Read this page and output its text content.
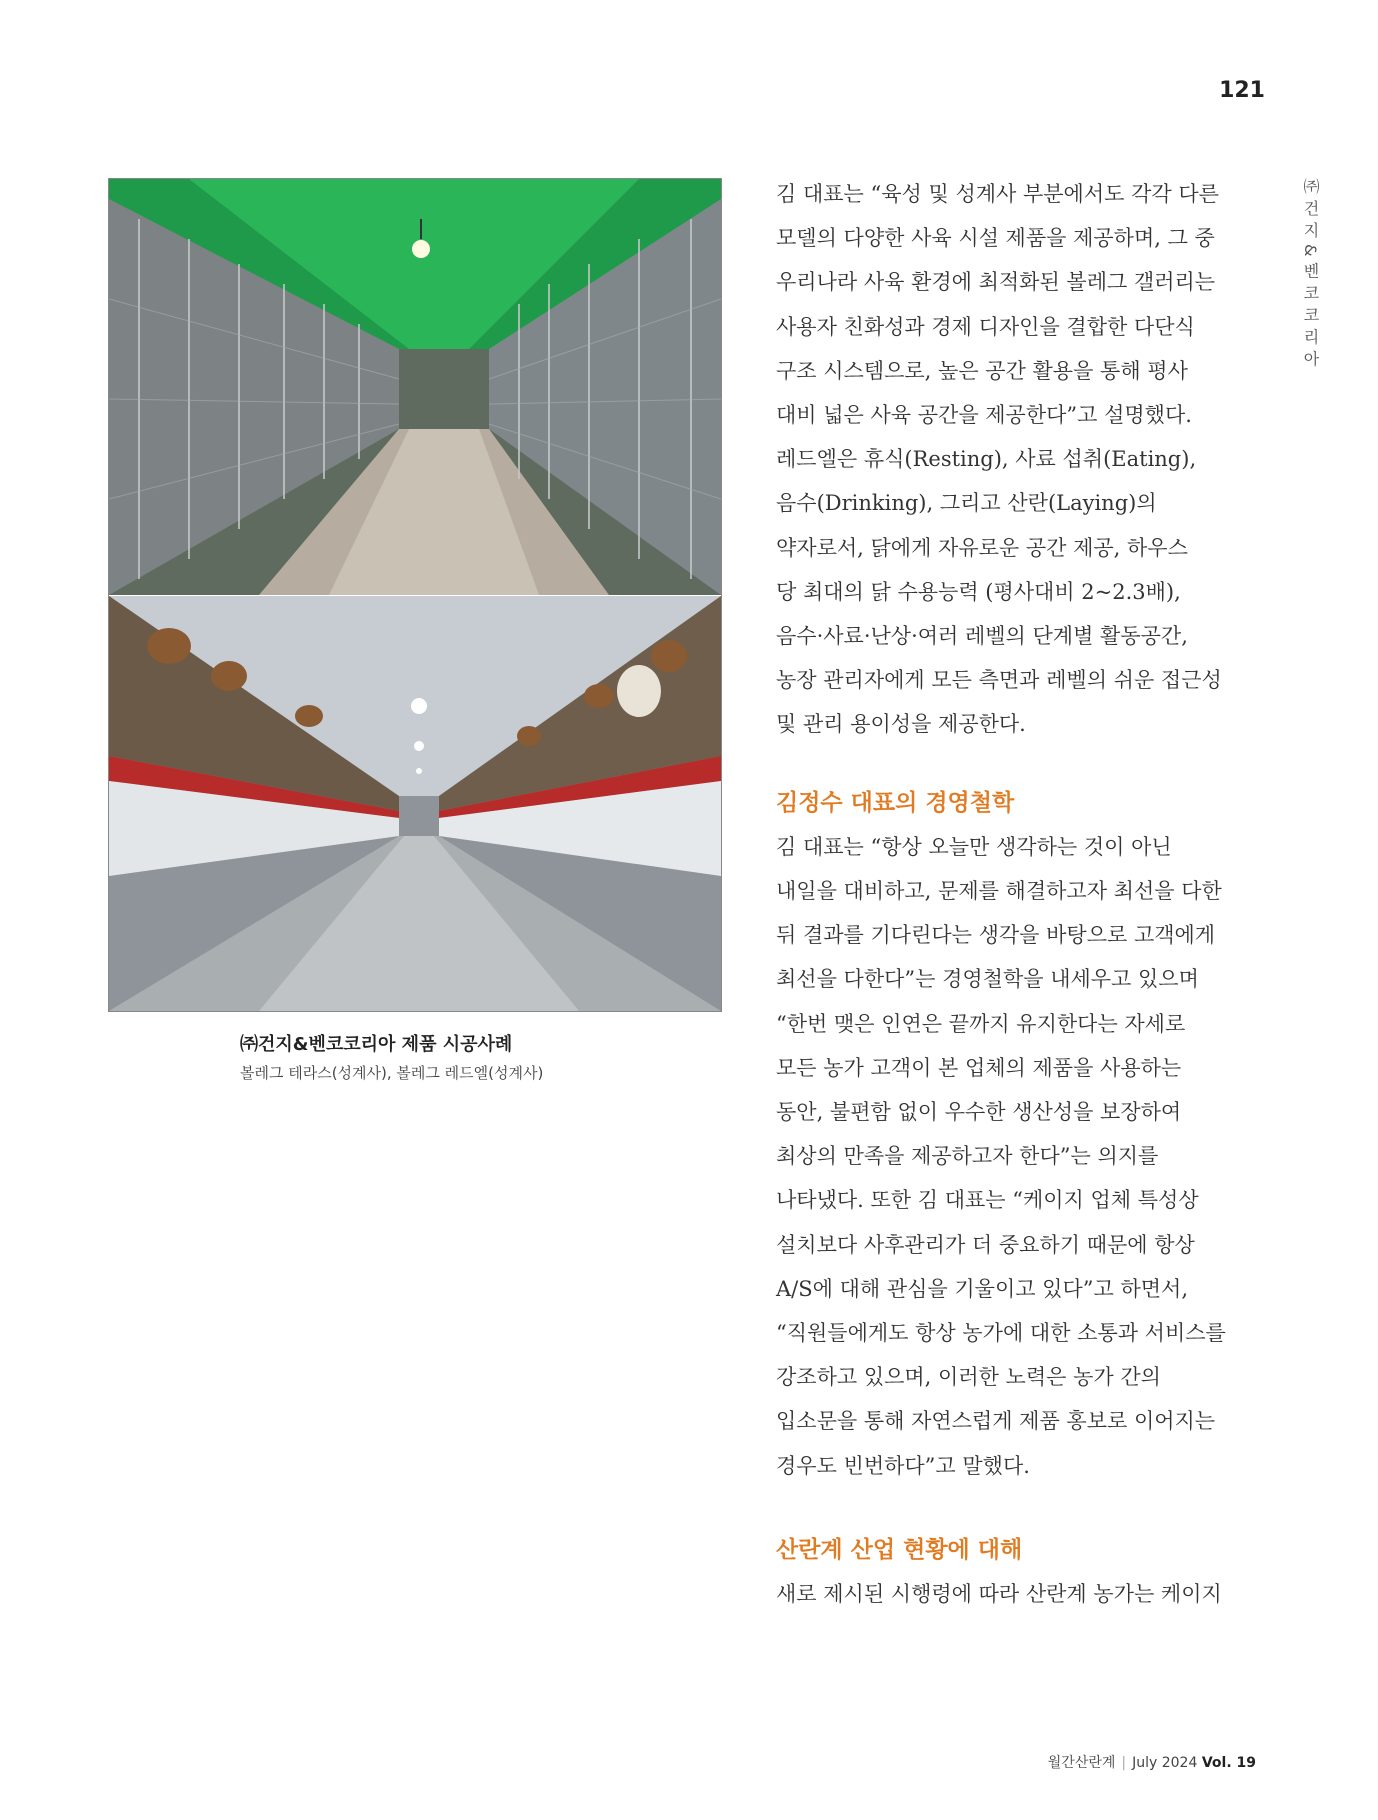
121
㈜건지&벤코코리아
㈜건지&벤코코리아 제품 시공사례
볼레그 테라스(성계사), 볼레그 레드엘(성계사)
김 대표는 “육성 및 성계사 부분에서도 각각 다른
모델의 다양한 사육 시설 제품을 제공하며, 그 중
우리나라 사육 환경에 최적화된 볼레그 갤러리는
사용자 친화성과 경제 디자인을 결합한 다단식
구조 시스템으로, 높은 공간 활용을 통해 평사
대비 넓은 사육 공간을 제공한다”고 설명했다.
레드엘은 휴식(Resting), 사료 섭취(Eating),
음수(Drinking), 그리고 산란(Laying)의
약자로서, 닭에게 자유로운 공간 제공, 하우스
당 최대의 닭 수용능력 (평사대비 2~2.3배),
음수·사료·난상·여러 레벨의 단계별 활동공간,
농장 관리자에게 모든 측면과 레벨의 쉬운 접근성
및 관리 용이성을 제공한다.
김정수 대표의 경영철학
김 대표는 “항상 오늘만 생각하는 것이 아닌
내일을 대비하고, 문제를 해결하고자 최선을 다한
뒤 결과를 기다린다는 생각을 바탕으로 고객에게
최선을 다한다”는 경영철학을 내세우고 있으며
“한번 맺은 인연은 끝까지 유지한다는 자세로
모든 농가 고객이 본 업체의 제품을 사용하는
동안, 불편함 없이 우수한 생산성을 보장하여
최상의 만족을 제공하고자 한다”는 의지를
나타냈다. 또한 김 대표는 “케이지 업체 특성상
설치보다 사후관리가 더 중요하기 때문에 항상
A/S에 대해 관심을 기울이고 있다”고 하면서,
“직원들에게도 항상 농가에 대한 소통과 서비스를
강조하고 있으며, 이러한 노력은 농가 간의
입소문을 통해 자연스럽게 제품 홍보로 이어지는
경우도 빈번하다”고 말했다.
산란계 산업 현황에 대해
새로 제시된 시행령에 따라 산란계 농가는 케이지
월간산란계 | July 2024 Vol. 19
